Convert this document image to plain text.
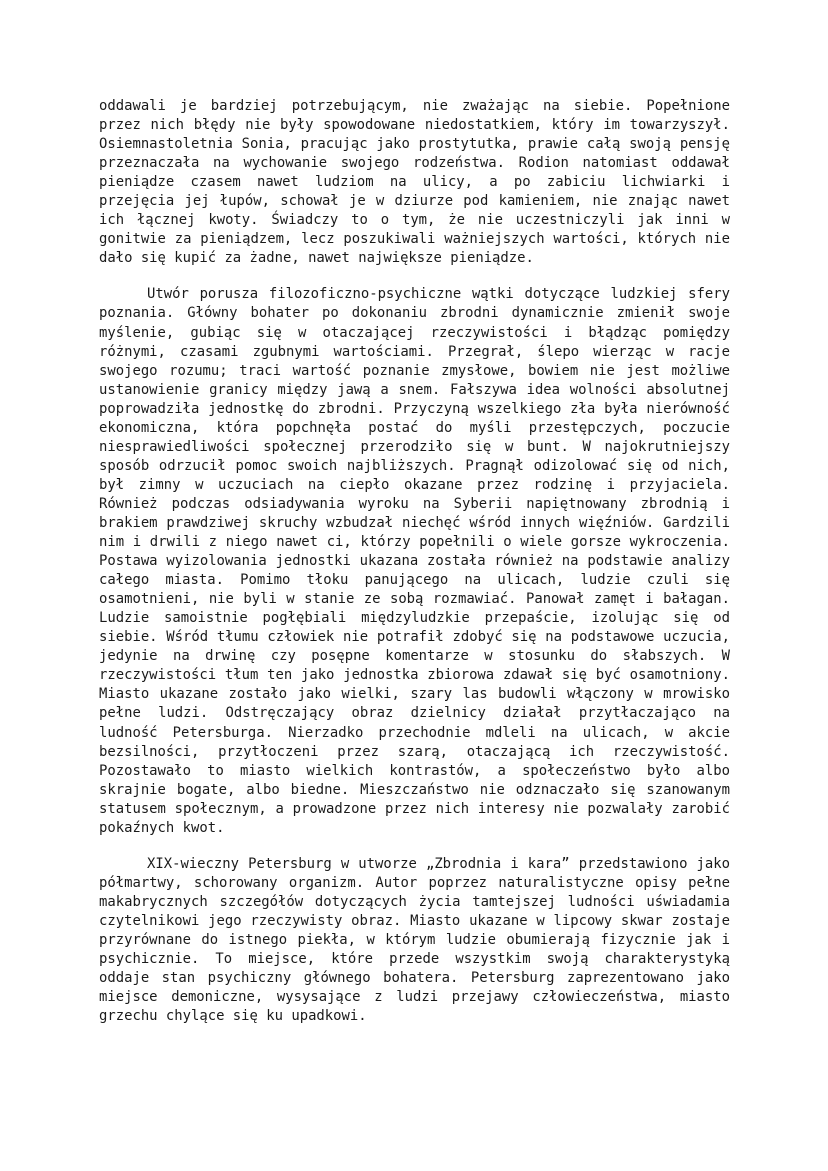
oddawali je bardziej potrzebującym, nie zważając na siebie. Popełnione przez nich błędy nie były spowodowane niedostatkiem, który im towarzyszył. Osiemnastoletnia Sonia, pracując jako prostytutka, prawie całą swoją pensję przeznaczała na wychowanie swojego rodzeństwa. Rodion natomiast oddawał pieniądze czasem nawet ludziom na ulicy, a po zabiciu lichwiarki i przejęcia jej łupów, schował je w dziurze pod kamieniem, nie znając nawet ich łącznej kwoty. Świadczy to o tym, że nie uczestniczyli jak inni w gonitwie za pieniądzem, lecz poszukiwali ważniejszych wartości, których nie dało się kupić za żadne, nawet największe pieniądze.

Utwór porusza filozoficzno-psychiczne wątki dotyczące ludzkiej sfery poznania. Główny bohater po dokonaniu zbrodni dynamicznie zmienił swoje myślenie, gubiąc się w otaczającej rzeczywistości i błądząc pomiędzy różnymi, czasami zgubnymi wartościami. Przegrał, ślepo wierząc w racje swojego rozumu; traci wartość poznanie zmysłowe, bowiem nie jest możliwe ustanowienie granicy między jawą a snem. Fałszywa idea wolności absolutnej poprowadziła jednostkę do zbrodni. Przyczyną wszelkiego zła była nierówność ekonomiczna, która popchnęła postać do myśli przestępczych, poczucie niesprawiedliwości społecznej przerodziło się w bunt. W najokrutniejszy sposób odrzucił pomoc swoich najbliższych. Pragnął odizolować się od nich, był zimny w uczuciach na ciepło okazane przez rodzinę i przyjaciela. Również podczas odsiadywania wyroku na Syberii napiętnowany zbrodnią i brakiem prawdziwej skruchy wzbudzał niechęć wśród innych więźniów. Gardzili nim i drwili z niego nawet ci, którzy popełnili o wiele gorsze wykroczenia. Postawa wyizolowania jednostki ukazana została również na podstawie analizy całego miasta. Pomimo tłoku panującego na ulicach, ludzie czuli się osamotnieni, nie byli w stanie ze sobą rozmawiać. Panował zamęt i bałagan. Ludzie samoistnie pogłębiali międzyludzkie przepaście, izolując się od siebie. Wśród tłumu człowiek nie potrafił zdobyć się na podstawowe uczucia, jedynie na drwinę czy posępne komentarze w stosunku do słabszych. W rzeczywistości tłum ten jako jednostka zbiorowa zdawał się być osamotniony. Miasto ukazane zostało jako wielki, szary las budowli włączony w mrowisko pełne ludzi. Odstręczający obraz dzielnicy działał przytłaczająco na ludność Petersburga. Nierzadko przechodnie mdleli na ulicach, w akcie bezsilności, przytłoczeni przez szarą, otaczającą ich rzeczywistość. Pozostawało to miasto wielkich kontrastów, a społeczeństwo było albo skrajnie bogate, albo biedne. Mieszczaństwo nie odznaczało się szanowanym statusem społecznym, a prowadzone przez nich interesy nie pozwalały zarobić pokaźnych kwot.

XIX-wieczny Petersburg w utworze „Zbrodnia i kara” przedstawiono jako półmartwy, schorowany organizm. Autor poprzez naturalistyczne opisy pełne makabrycznych szczegółów dotyczących życia tamtejszej ludności uświadamia czytelnikowi jego rzeczywisty obraz. Miasto ukazane w lipcowy skwar zostaje przyrównane do istnego piekła, w którym ludzie obumierają fizycznie jak i psychicznie. To miejsce, które przede wszystkim swoją charakterystyką oddaje stan psychiczny głównego bohatera. Petersburg zaprezentowano jako miejsce demoniczne, wysysające z ludzi przejawy człowieczeństwa, miasto grzechu chylące się ku upadkowi.
